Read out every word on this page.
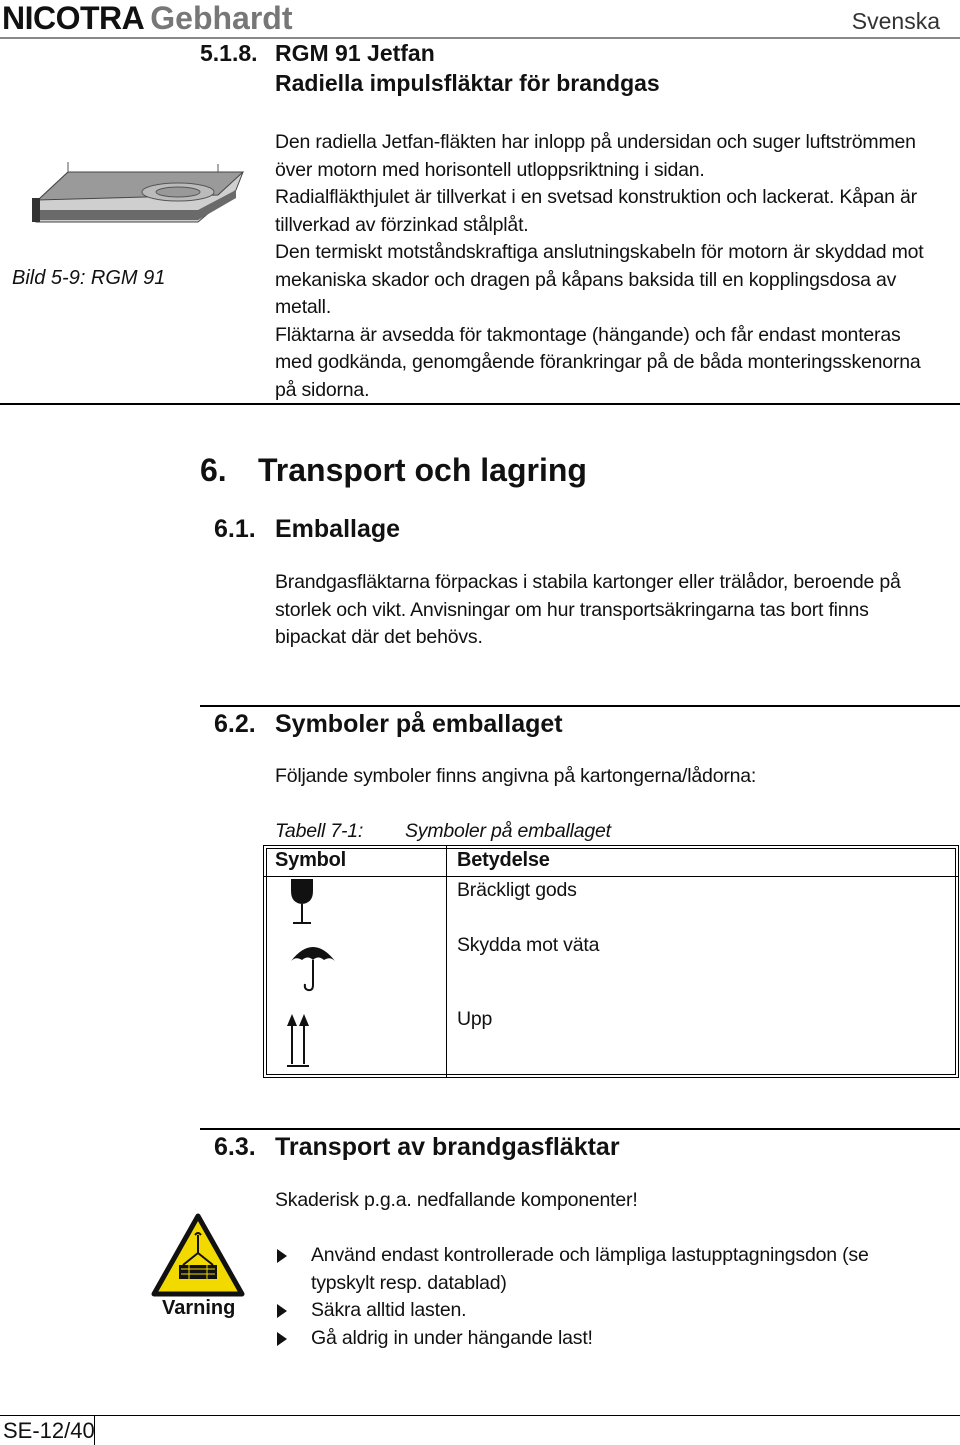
NICOTRA Gebhardt	Svenska
5.1.8. RGM 91 Jetfan
Radiella impulsfläktar för brandgas
Bild 5-9: RGM 91
Den radiella Jetfan-fläkten har inlopp på undersidan och suger luftströmmen
över motorn med horisontell utloppsriktning i sidan.
Radialfläkthjulet är tillverkat i en svetsad konstruktion och lackerat. Kåpan är
tillverkad av förzinkad stålplåt.
Den termiskt motståndskraftiga anslutningskabeln för motorn är skyddad mot
mekaniska skador och dragen på kåpans baksida till en kopplingsdosa av
metall.
Fläktarna är avsedda för takmontage (hängande) och får endast monteras
med godkända, genomgående förankringar på de båda monteringsskenorna
på sidorna.
6. Transport och lagring
6.1. Emballage
Brandgasfläktarna förpackas i stabila kartonger eller trälådor, beroende på
storlek och vikt. Anvisningar om hur transportsäkringarna tas bort finns
bipackat där det behövs.
6.2. Symboler på emballaget
Följande symboler finns angivna på kartongerna/lådorna:
Tabell 7-1: Symboler på emballaget
Symbol	Betydelse
Bräckligt gods
Skydda mot väta
Upp
6.3. Transport av brandgasfläktar
Skaderisk p.g.a. nedfallande komponenter!
Varning
Använd endast kontrollerade och lämpliga lastupptagningsdon (se
typskylt resp. datablad)
Säkra alltid lasten.
Gå aldrig in under hängande last!
SE-12/40
